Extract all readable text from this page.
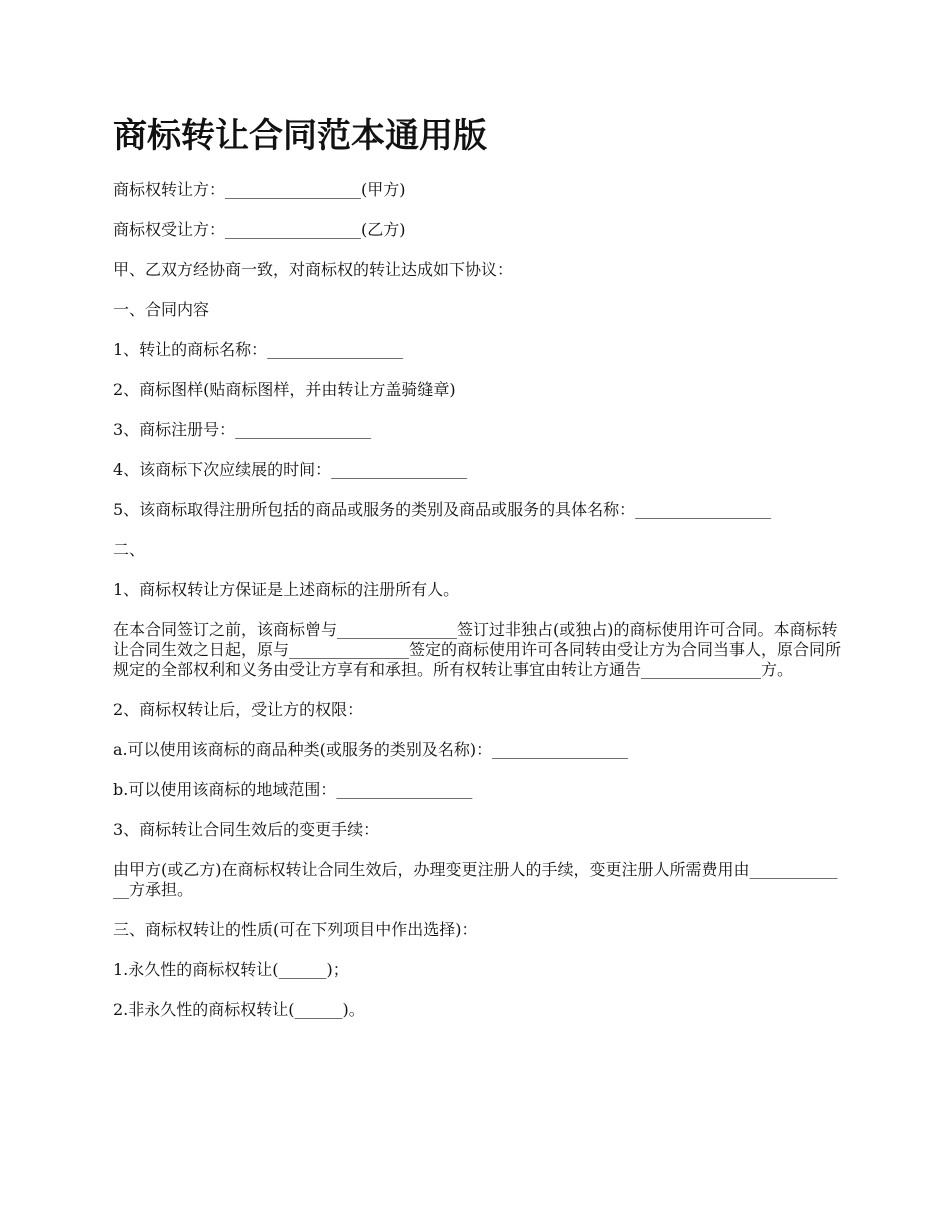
商标转让合同范本通用版

商标权转让方：_________________(甲方)

商标权受让方：_________________(乙方)

甲、乙双方经协商一致，对商标权的转让达成如下协议：

一、合同内容

1、转让的商标名称：_________________

2、商标图样(贴商标图样，并由转让方盖骑缝章)

3、商标注册号：_________________

4、该商标下次应续展的时间：_________________

5、该商标取得注册所包括的商品或服务的类别及商品或服务的具体名称：_________________

二、

1、商标权转让方保证是上述商标的注册所有人。

在本合同签订之前，该商标曾与_______________签订过非独占(或独占)的商标使用许可合同。本商标转让合同生效之日起，原与_______________签定的商标使用许可各同转由受让方为合同当事人，原合同所规定的全部权利和义务由受让方享有和承担。所有权转让事宜由转让方通告_______________方。

2、商标权转让后，受让方的权限：

a.可以使用该商标的商品种类(或服务的类别及名称)：_________________

b.可以使用该商标的地域范围：_________________

3、商标转让合同生效后的变更手续：

由甲方(或乙方)在商标权转让合同生效后，办理变更注册人的手续，变更注册人所需费用由_____________方承担。

三、商标权转让的性质(可在下列项目中作出选择)：

1.永久性的商标权转让(______)；

2.非永久性的商标权转让(______)。
